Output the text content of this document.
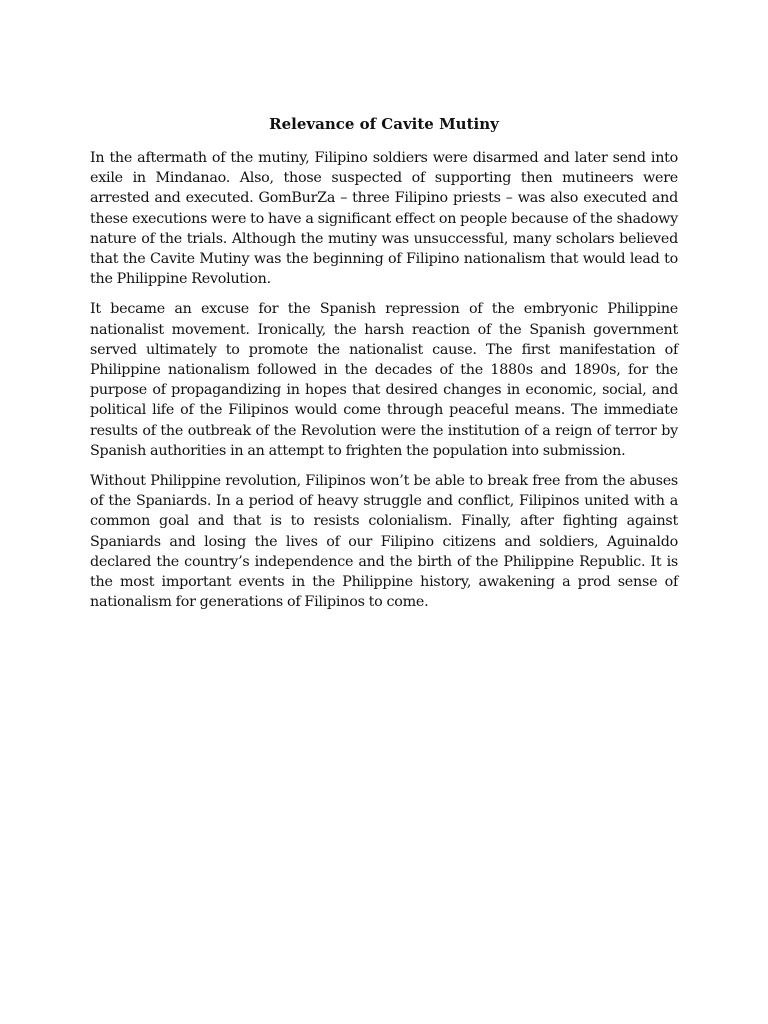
Relevance of Cavite Mutiny

In the aftermath of the mutiny, Filipino soldiers were disarmed and later send into exile in Mindanao. Also, those suspected of supporting then mutineers were arrested and executed. GomBurZa – three Filipino priests – was also executed and these executions were to have a significant effect on people because of the shadowy nature of the trials. Although the mutiny was unsuccessful, many scholars believed that the Cavite Mutiny was the beginning of Filipino nationalism that would lead to the Philippine Revolution.

It became an excuse for the Spanish repression of the embryonic Philippine nationalist movement. Ironically, the harsh reaction of the Spanish government served ultimately to promote the nationalist cause. The first manifestation of Philippine nationalism followed in the decades of the 1880s and 1890s, for the purpose of propagandizing in hopes that desired changes in economic, social, and political life of the Filipinos would come through peaceful means. The immediate results of the outbreak of the Revolution were the institution of a reign of terror by Spanish authorities in an attempt to frighten the population into submission.

Without Philippine revolution, Filipinos won’t be able to break free from the abuses of the Spaniards. In a period of heavy struggle and conflict, Filipinos united with a common goal and that is to resists colonialism. Finally, after fighting against Spaniards and losing the lives of our Filipino citizens and soldiers, Aguinaldo declared the country’s independence and the birth of the Philippine Republic. It is the most important events in the Philippine history, awakening a prod sense of nationalism for generations of Filipinos to come.
